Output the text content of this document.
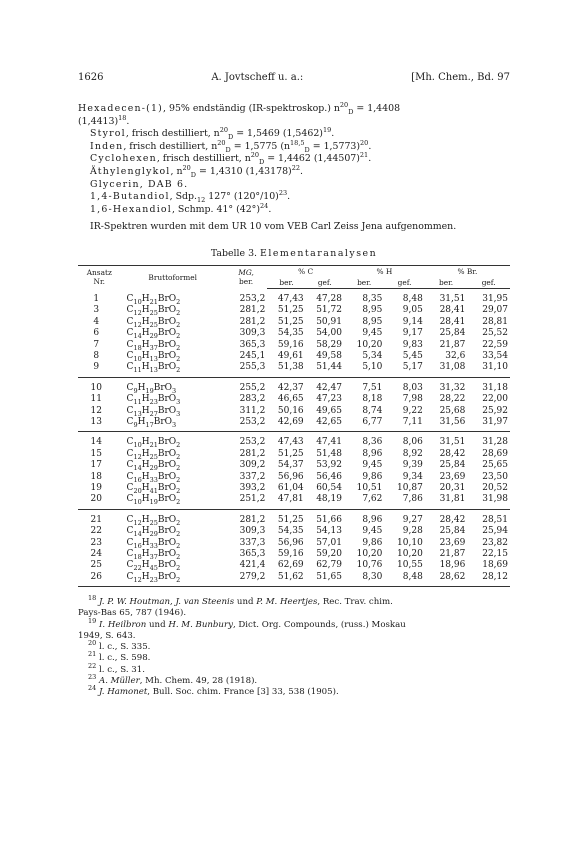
1626	A. Jovtscheff u. a.:	[Mh. Chem., Bd. 97

Hexadecen-(1), 95% endständig (IR-spektroskop.) $n^{20}_D = 1,4408$

$(1,4413)^{18}$.

Styrol, frisch destilliert, $n^{20}_D = 1,5469$ $(1,5462)^{19}$.

Inden, frisch destilliert, $n^{20}_D = 1,5775$ $(n^{18,5}_D = 1,5773)^{20}$.

Cyclohexen, frisch destilliert, $n^{20}_D = 1,4462$ $(1,44507)^{21}$.

Äthylenglykol, $n^{20}_D = 1,4310$ $(1,43178)^{22}$.

Glycerin, DAB 6.

1,4-Butandiol, $Sdp._{12}$ 127° $(120^\circ/10)^{23}$.

1,6-Hexandiol, Schmp. 41° $(42^\circ)^{24}$.

IR-Spektren wurden mit dem UR 10 vom VEB Carl Zeiss Jena aufgenommen.

Tabelle 3. Elementaranalysen
Ansatz
Nr.	Bruttoformel	MG,
ber.	% C		% H		% Br.	
			ber.	gef.	ber.	gef.	ber.	gef.
1	$C_{10}H_{21}BrO_2$	253,2	47,43	47,28	8,35	8,48	31,51	31,95
3	$C_{12}H_{25}BrO_2$	281,2	51,25	51,72	8,95	9,05	28,41	29,07
4	$C_{12}H_{25}BrO_2$	281,2	51,25	50,91	8,95	9,14	28,41	28,81
6	$C_{14}H_{29}BrO_2$	309,3	54,35	54,00	9,45	9,17	25,84	25,52
7	$C_{18}H_{37}BrO_2$	365,3	59,16	58,29	10,20	9,83	21,87	22,59
8	$C_{10}H_{13}BrO_2$	245,1	49,61	49,58	5,34	5,45	32,6	33,54
9	$C_{11}H_{13}BrO_2$	255,3	51,38	51,44	5,10	5,17	31,08	31,10
10	$C_9H_{19}BrO_3$	255,2	42,37	42,47	7,51	8,03	31,32	31,18
11	$C_{11}H_{23}BrO_3$	283,2	46,65	47,23	8,18	7,98	28,22	22,00
12	$C_{13}H_{27}BrO_3$	311,2	50,16	49,65	8,74	9,22	25,68	25,92
13	$C_9H_{17}BrO_3$	253,2	42,69	42,65	6,77	7,11	31,56	31,97
14	$C_{10}H_{21}BrO_2$	253,2	47,43	47,41	8,36	8,06	31,51	31,28
15	$C_{12}H_{25}BrO_2$	281,2	51,25	51,48	8,96	8,92	28,42	28,69
17	$C_{14}H_{29}BrO_2$	309,2	54,37	53,92	9,45	9,39	25,84	25,65
18	$C_{16}H_{33}BrO_2$	337,2	56,96	56,46	9,86	9,34	23,69	23,50
19	$C_{20}H_{41}BrO_2$	393,2	61,04	60,54	10,51	10,87	20,31	20,52
20	$C_{10}H_{19}BrO_2$	251,2	47,81	48,19	7,62	7,86	31,81	31,98
21	$C_{12}H_{25}BrO_2$	281,2	51,25	51,66	8,96	9,27	28,42	28,51
22	$C_{14}H_{29}BrO_2$	309,3	54,35	54,13	9,45	9,28	25,84	25,94
23	$C_{16}H_{33}BrO_2$	337,3	56,96	57,01	9,86	10,10	23,69	23,82
24	$C_{18}H_{37}BrO_2$	365,3	59,16	59,20	10,20	10,20	21,87	22,15
25	$C_{22}H_{45}BrO_2$	421,4	62,69	62,79	10,76	10,55	18,96	18,69
26	$C_{12}H_{23}BrO_2$	279,2	51,62	51,65	8,30	8,48	28,62	28,12

$^{18}$ J. P. W. Houtman, J. van Steenis und P. M. Heertjes, Rec. Trav. chim.

Pays-Bas 65, 787 (1946).

$^{19}$ I. Heilbron und H. M. Bunbury, Dict. Org. Compounds, (russ.) Moskau

1949, S. 643.

$^{20}$ l. c., S. 335.

$^{21}$ l. c., S. 598.

$^{22}$ l. c., S. 31.

$^{23}$ A. Müller, Mh. Chem. 49, 28 (1918).

$^{24}$ J. Hamonet, Bull. Soc. chim. France [3] 33, 538 (1905).
